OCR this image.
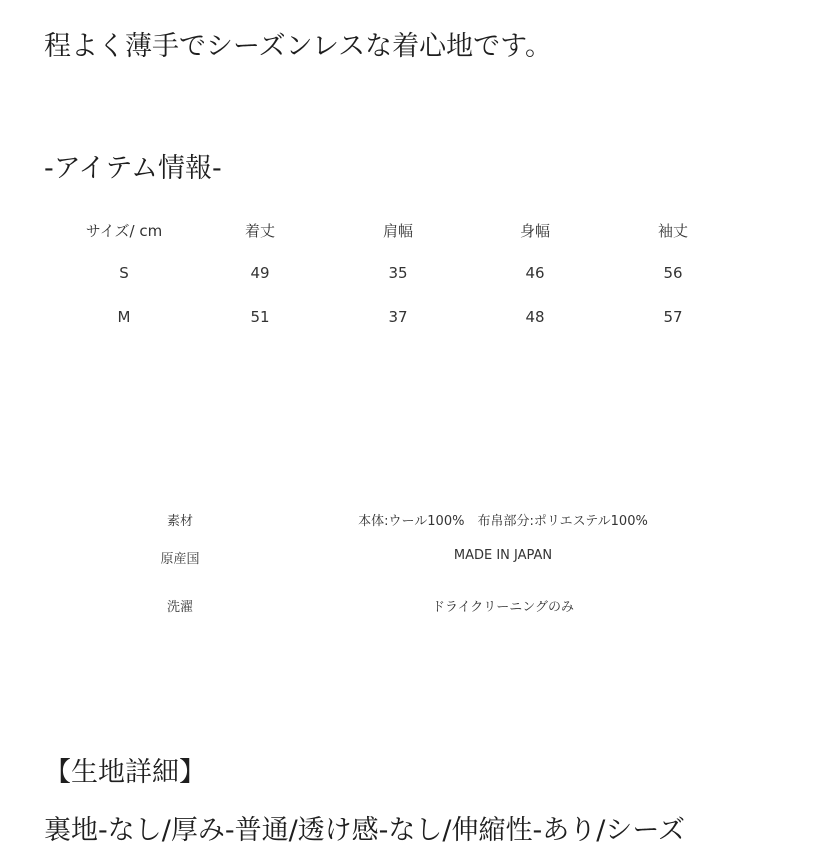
程よく薄手でシーズンレスな着心地です。
-アイテム情報-
サイズ/ cm	着丈	肩幅	身幅	袖丈
S	49	35	46	56
M	51	37	48	57
素材	本体:ウール100%　布帛部分:ポリエステル100%
原産国	MADE IN JAPAN
洗濯	ドライクリーニングのみ
【生地詳細】
裏地-なし/厚み-普通/透け感-なし/伸縮性-あり/シーズ
